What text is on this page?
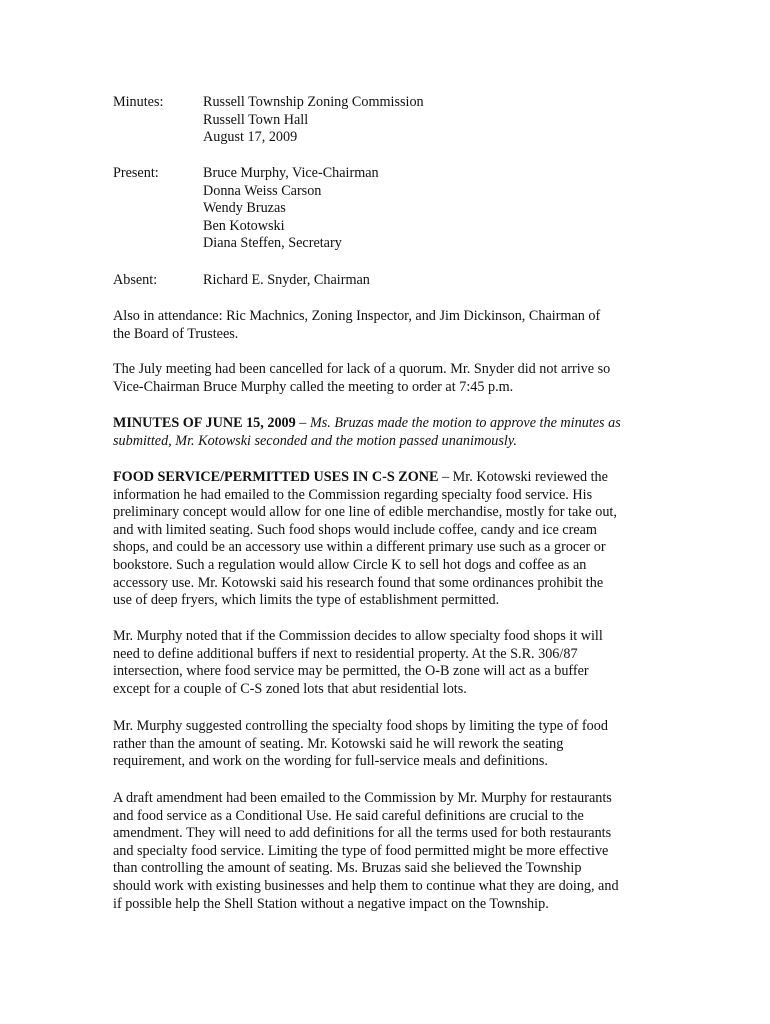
Minutes:	Russell Township Zoning Commission
Russell Town Hall
August 17, 2009
Present:	Bruce Murphy, Vice-Chairman
Donna Weiss Carson
Wendy Bruzas
Ben Kotowski
Diana Steffen, Secretary
Absent:	Richard E. Snyder, Chairman

Also in attendance: Ric Machnics, Zoning Inspector, and Jim Dickinson, Chairman of
the Board of Trustees.

The July meeting had been cancelled for lack of a quorum. Mr. Snyder did not arrive so
Vice-Chairman Bruce Murphy called the meeting to order at 7:45 p.m.

MINUTES OF JUNE 15, 2009 – Ms. Bruzas made the motion to approve the minutes as
submitted, Mr. Kotowski seconded and the motion passed unanimously.

FOOD SERVICE/PERMITTED USES IN C-S ZONE – Mr. Kotowski reviewed the
information he had emailed to the Commission regarding specialty food service. His
preliminary concept would allow for one line of edible merchandise, mostly for take out,
and with limited seating. Such food shops would include coffee, candy and ice cream
shops, and could be an accessory use within a different primary use such as a grocer or
bookstore. Such a regulation would allow Circle K to sell hot dogs and coffee as an
accessory use. Mr. Kotowski said his research found that some ordinances prohibit the
use of deep fryers, which limits the type of establishment permitted.

Mr. Murphy noted that if the Commission decides to allow specialty food shops it will
need to define additional buffers if next to residential property. At the S.R. 306/87
intersection, where food service may be permitted, the O-B zone will act as a buffer
except for a couple of C-S zoned lots that abut residential lots.

Mr. Murphy suggested controlling the specialty food shops by limiting the type of food
rather than the amount of seating. Mr. Kotowski said he will rework the seating
requirement, and work on the wording for full-service meals and definitions.

A draft amendment had been emailed to the Commission by Mr. Murphy for restaurants
and food service as a Conditional Use. He said careful definitions are crucial to the
amendment. They will need to add definitions for all the terms used for both restaurants
and specialty food service. Limiting the type of food permitted might be more effective
than controlling the amount of seating. Ms. Bruzas said she believed the Township
should work with existing businesses and help them to continue what they are doing, and
if possible help the Shell Station without a negative impact on the Township.
